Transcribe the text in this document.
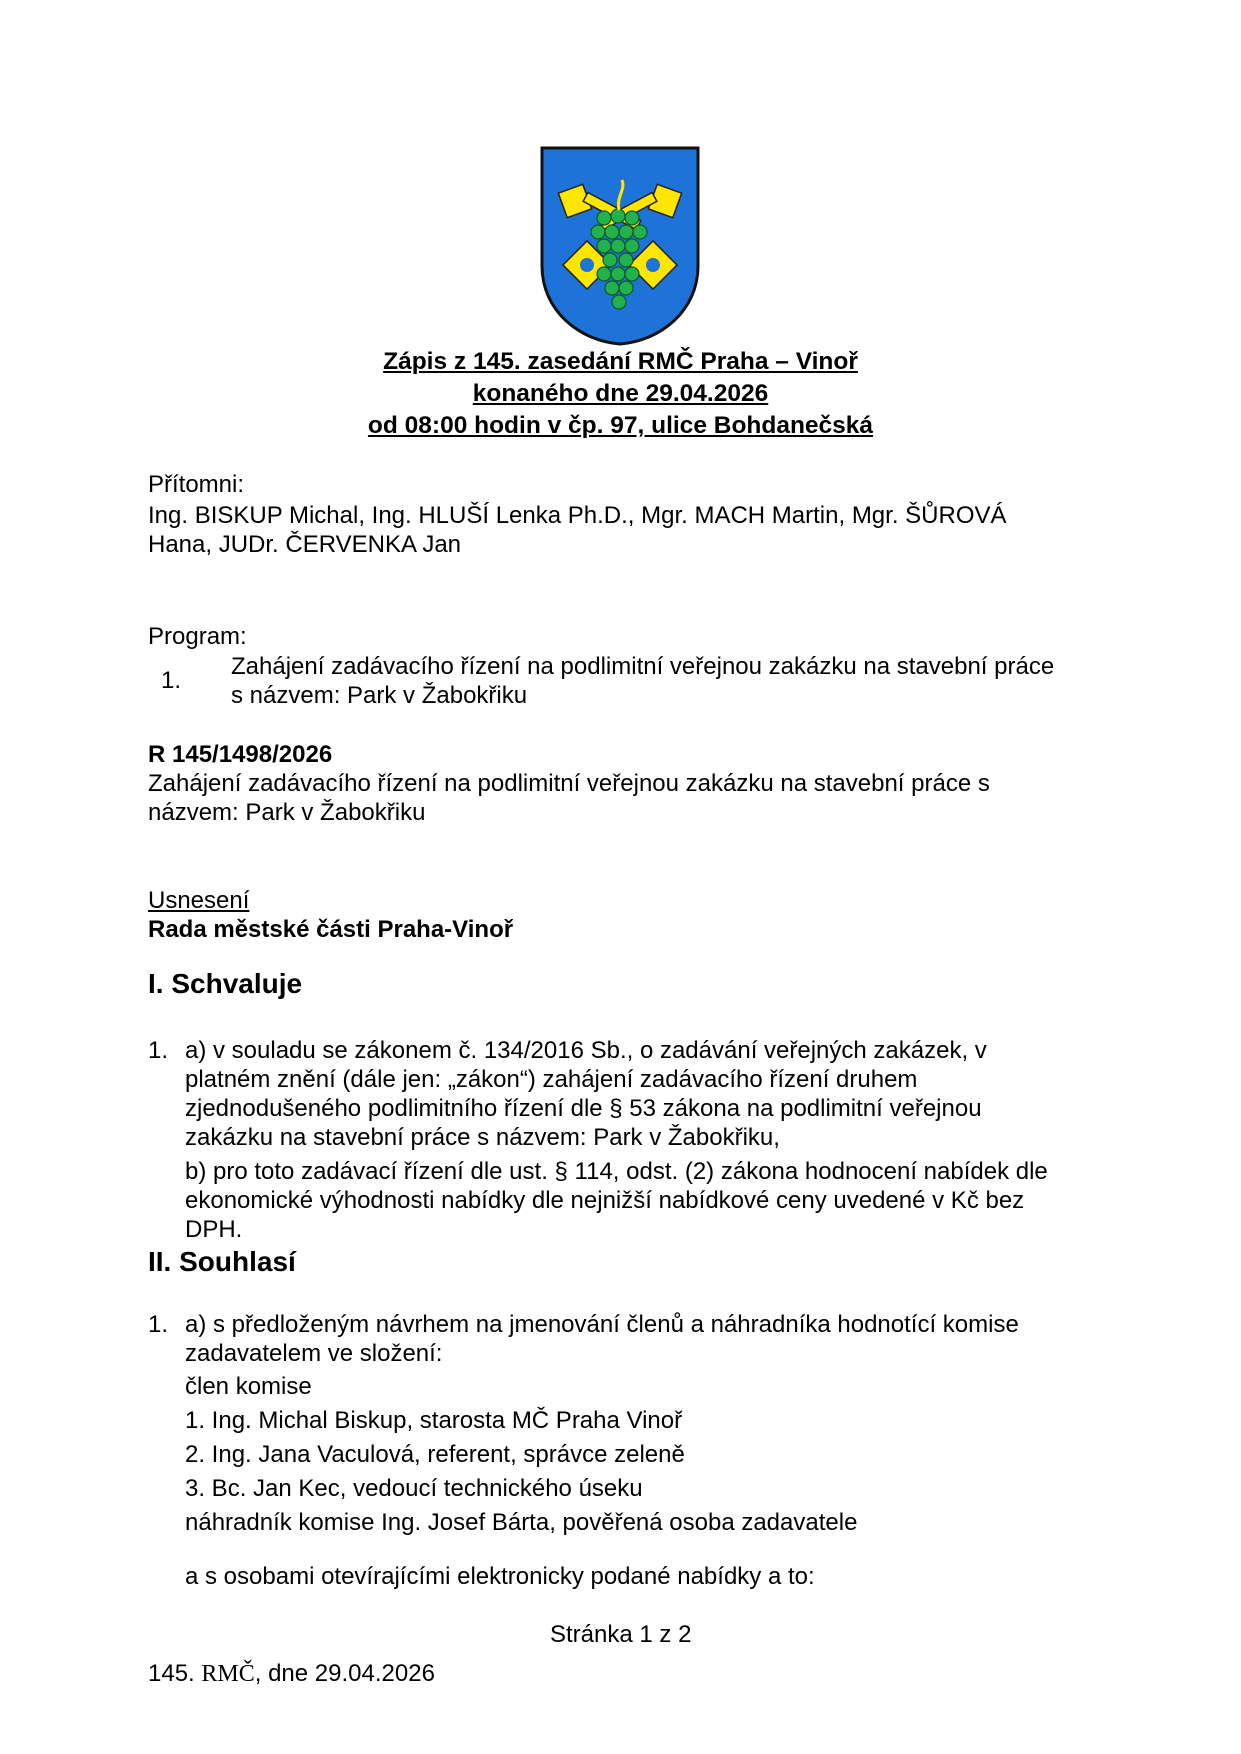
Zápis z 145. zasedání RMČ Praha – Vinoř
konaného dne 29.04.2026
od 08:00 hodin v čp. 97, ulice Bohdanečská
Přítomni:
Ing. BISKUP Michal, Ing. HLUŠÍ Lenka Ph.D., Mgr. MACH Martin, Mgr. ŠŮROVÁ
Hana, JUDr. ČERVENKA Jan
Program:
1.
Zahájení zadávacího řízení na podlimitní veřejnou zakázku na stavební práce
s názvem: Park v Žabokřiku
R 145/1498/2026
Zahájení zadávacího řízení na podlimitní veřejnou zakázku na stavební práce s
názvem: Park v Žabokřiku
Usnesení
Rada městské části Praha-Vinoř
I. Schvaluje
1. a) v souladu se zákonem č. 134/2016 Sb., o zadávání veřejných zakázek, v
platném znění (dále jen: „zákon“) zahájení zadávacího řízení druhem
zjednodušeného podlimitního řízení dle § 53 zákona na podlimitní veřejnou
zakázku na stavební práce s názvem: Park v Žabokřiku,
b) pro toto zadávací řízení dle ust. § 114, odst. (2) zákona hodnocení nabídek dle
ekonomické výhodnosti nabídky dle nejnižší nabídkové ceny uvedené v Kč bez
DPH.
II. Souhlasí
1. a) s předloženým návrhem na jmenování členů a náhradníka hodnotící komise
zadavatelem ve složení:
člen komise
1. Ing. Michal Biskup, starosta MČ Praha Vinoř
2. Ing. Jana Vaculová, referent, správce zeleně
3. Bc. Jan Kec, vedoucí technického úseku
náhradník komise Ing. Josef Bárta, pověřená osoba zadavatele
a s osobami otevírajícími elektronicky podané nabídky a to:
Stránka 1 z 2
145. RMČ, dne 29.04.2026
